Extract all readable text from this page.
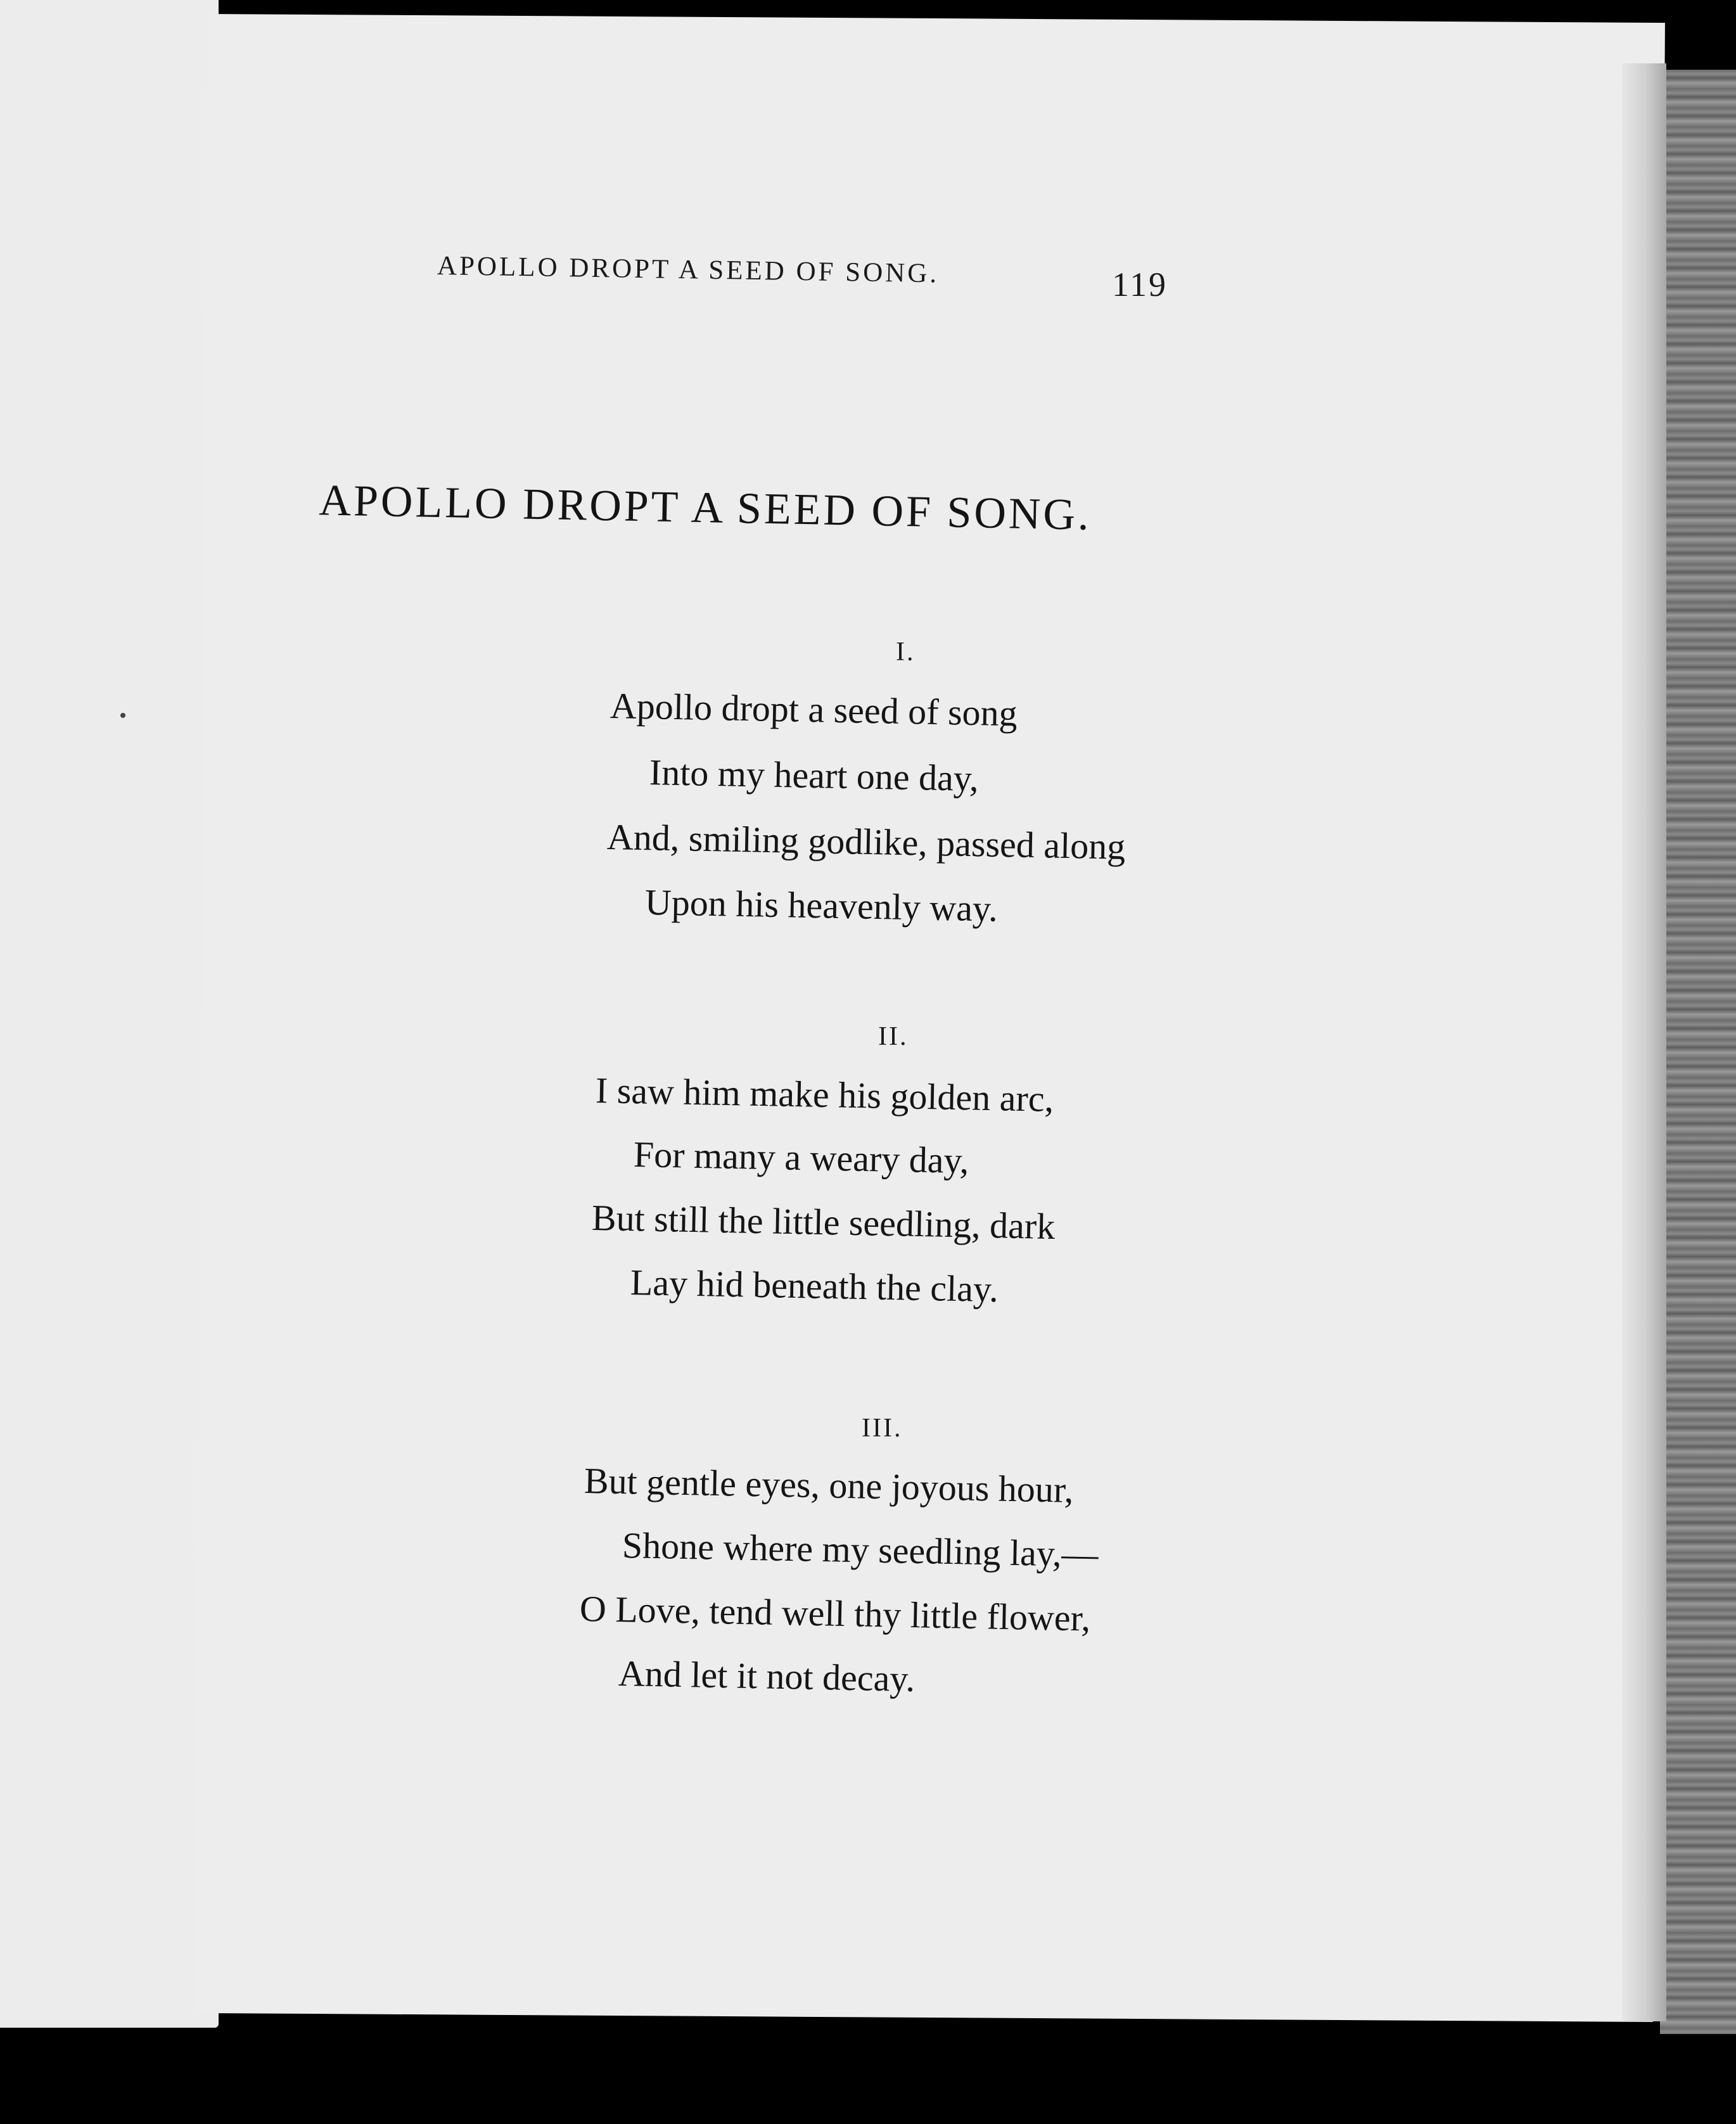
APOLLO DROPT A SEED OF SONG.	119
APOLLO DROPT A SEED OF SONG.
I.
Apollo dropt a seed of song
Into my heart one day,
And, smiling godlike, passed along
Upon his heavenly way.
II.
I saw him make his golden arc,
For many a weary day,
But still the little seedling, dark
Lay hid beneath the clay.
III.
But gentle eyes, one joyous hour,
Shone where my seedling lay,—
O Love, tend well thy little flower,
And let it not decay.
